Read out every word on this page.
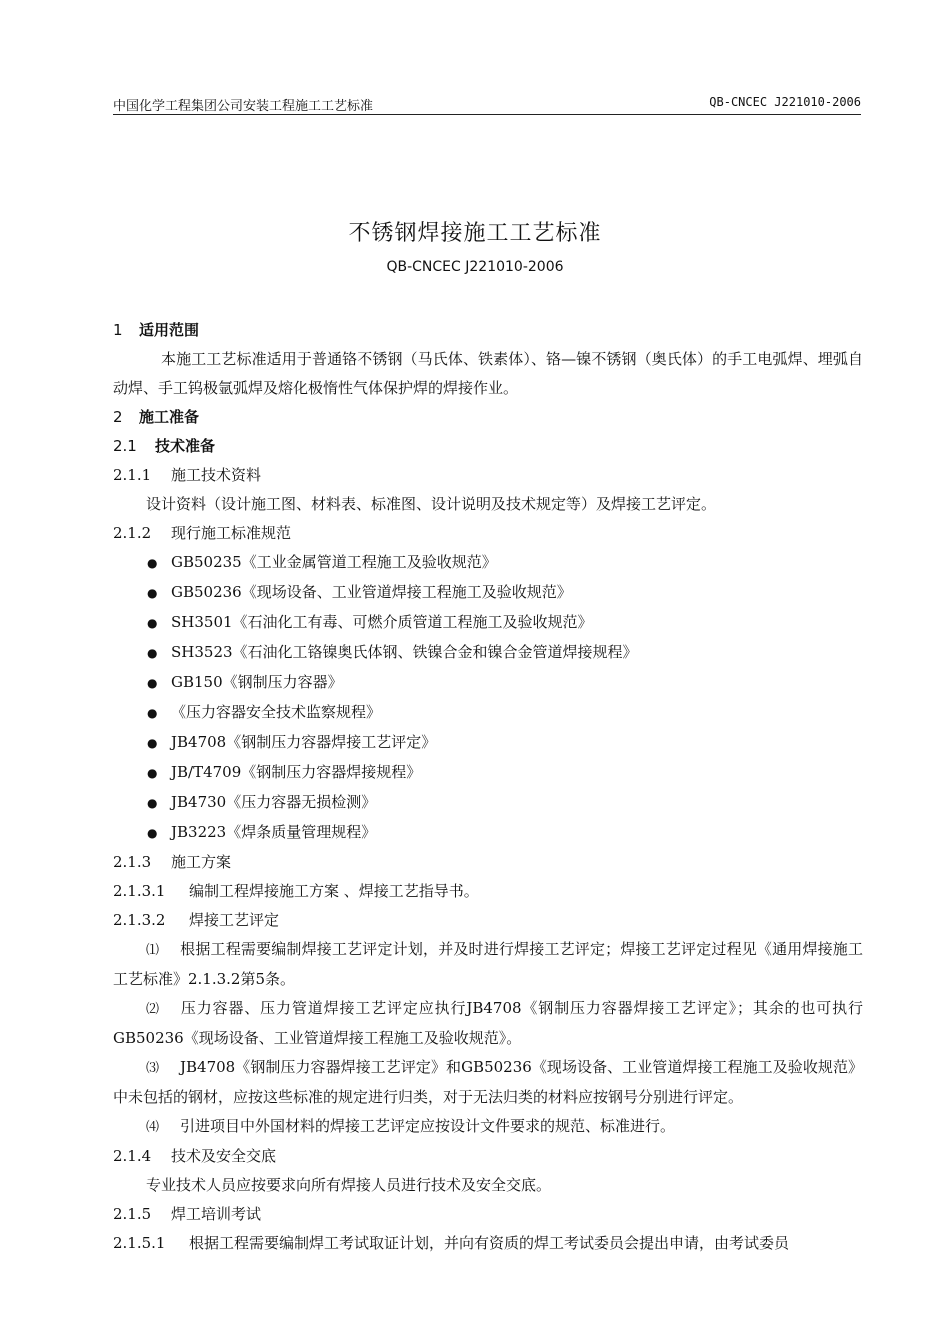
中国化学工程集团公司安装工程施工工艺标准	QB-CNCEC J221010-2006
不锈钢焊接施工工艺标准
QB-CNCEC J221010-2006
1 适用范围
本施工工艺标准适用于普通铬不锈钢（马氏体、铁素体）、铬—镍不锈钢（奥氏体）的手工电弧焊、埋弧自动焊、手工钨极氩弧焊及熔化极惰性气体保护焊的焊接作业。
2 施工准备
2.1 技术准备
2.1.1 施工技术资料
设计资料（设计施工图、材料表、标准图、设计说明及技术规定等）及焊接工艺评定。
2.1.2 现行施工标准规范
● GB50235《工业金属管道工程施工及验收规范》
● GB50236《现场设备、工业管道焊接工程施工及验收规范》
● SH3501《石油化工有毒、可燃介质管道工程施工及验收规范》
● SH3523《石油化工铬镍奥氏体钢、铁镍合金和镍合金管道焊接规程》
● GB150《钢制压力容器》
● 《压力容器安全技术监察规程》
● JB4708《钢制压力容器焊接工艺评定》
● JB/T4709《钢制压力容器焊接规程》
● JB4730《压力容器无损检测》
● JB3223《焊条质量管理规程》
2.1.3 施工方案
2.1.3.1 编制工程焊接施工方案 、焊接工艺指导书。
2.1.3.2 焊接工艺评定
⑴ 根据工程需要编制焊接工艺评定计划，并及时进行焊接工艺评定；焊接工艺评定过程见《通用焊接施工工艺标准》2.1.3.2第5条。
⑵ 压力容器、压力管道焊接工艺评定应执行JB4708《钢制压力容器焊接工艺评定》；其余的也可执行GB50236《现场设备、工业管道焊接工程施工及验收规范》。
⑶ JB4708《钢制压力容器焊接工艺评定》和GB50236《现场设备、工业管道焊接工程施工及验收规范》中未包括的钢材，应按这些标准的规定进行归类，对于无法归类的材料应按钢号分别进行评定。
⑷ 引进项目中外国材料的焊接工艺评定应按设计文件要求的规范、标准进行。
2.1.4 技术及安全交底
专业技术人员应按要求向所有焊接人员进行技术及安全交底。
2.1.5 焊工培训考试
2.1.5.1 根据工程需要编制焊工考试取证计划，并向有资质的焊工考试委员会提出申请，由考试委员
